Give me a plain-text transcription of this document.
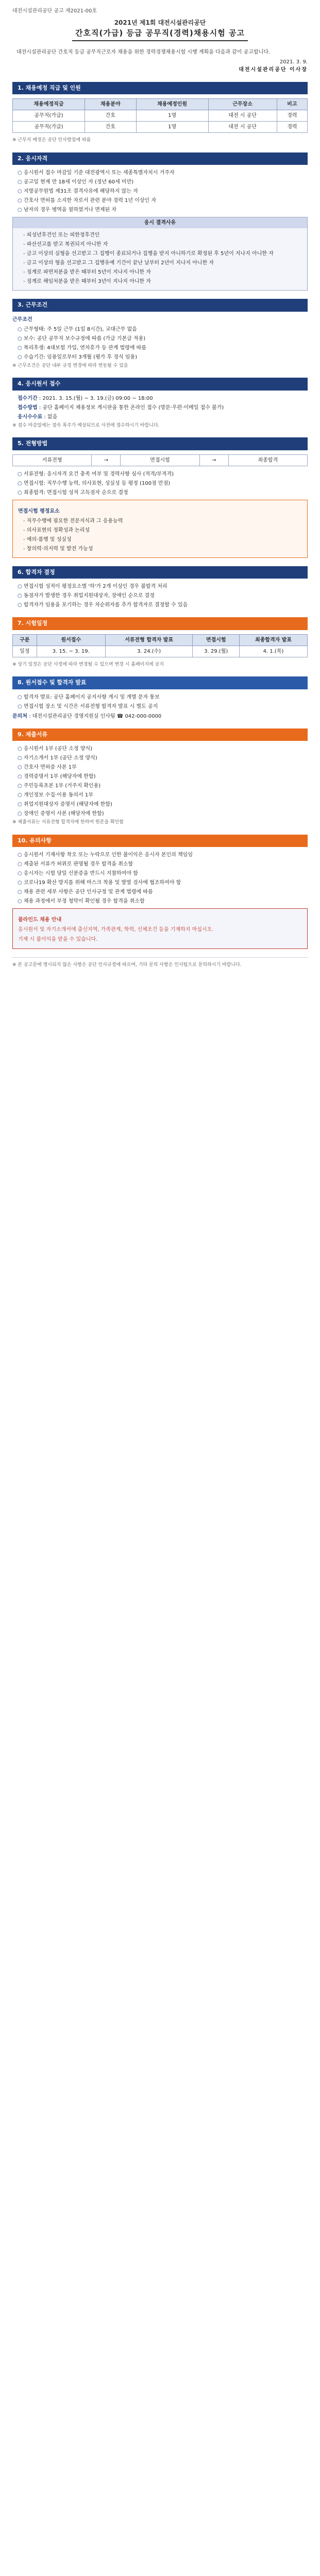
대전시설관리공단 공고 제2021-00호
2021년 제1회 대전시설관리공단
간호직(가급) 등급 공무직(경력)채용시험 공고
대전시설관리공단 간호직 등급 공무직근로자 채용을 위한 경력경쟁채용시험 시행 계획을 다음과 같이 공고합니다.
2021. 3. 9.
대전시설관리공단 이사장
1. 채용예정 직급 및 인원
채용예정직급	채용분야	채용예정인원	근무장소	비고
공무직(가급)	간호	1명	대전 시 공단	경력
공무직(가급)	간호	1명	대전 시 공단	경력
※ 근무지 배정은 공단 인사방침에 따름
2. 응시자격
○ 응시원서 접수 마감일 기준 대전광역시 또는 세종특별자치시 거주자
○ 공고일 현재 만 18세 이상인 자 (정년 60세 미만)
○ 지방공무원법 제31조 결격사유에 해당하지 않는 자
○ 간호사 면허를 소지한 자로서 관련 분야 경력 1년 이상인 자
○ 남자의 경우 병역을 필하였거나 면제된 자
응시 결격사유
- 피성년후견인 또는 피한정후견인
- 파산선고를 받고 복권되지 아니한 자
- 금고 이상의 실형을 선고받고 그 집행이 종료되거나 집행을 받지 아니하기로 확정된 후 5년이 지나지 아니한 자
- 금고 이상의 형을 선고받고 그 집행유예 기간이 끝난 날부터 2년이 지나지 아니한 자
- 징계로 파면처분을 받은 때부터 5년이 지나지 아니한 자
- 징계로 해임처분을 받은 때부터 3년이 지나지 아니한 자
3. 근무조건
근무조건
○ 근무형태: 주 5일 근무 (1일 8시간), 교대근무 없음
○ 보수: 공단 공무직 보수규정에 따름 (가급 기본급 적용)
○ 복리후생: 4대보험 가입, 연차휴가 등 관계 법령에 따름
○ 수습기간: 임용일로부터 3개월 (평가 후 정식 임용)
※ 근무조건은 공단 내부 규정 변경에 따라 변동될 수 있음
4. 응시원서 접수
접수기간 : 2021. 3. 15.(월) ~ 3. 19.(금) 09:00 ~ 18:00
접수방법 : 공단 홈페이지 채용정보 게시판을 통한 온라인 접수 (방문·우편·이메일 접수 불가)
응시수수료 : 없음
※ 접수 마감일에는 접속 폭주가 예상되므로 사전에 접수하시기 바랍니다.
5. 전형방법
서류전형	→	면접시험	→	최종합격
○ 서류전형: 응시자격 요건 충족 여부 및 경력사항 심사 (적격/부적격)
○ 면접시험: 직무수행 능력, 의사표현, 성실성 등 평정 (100점 만점)
○ 최종합격: 면접시험 성적 고득점자 순으로 결정
면접시험 평정요소
- 직무수행에 필요한 전문지식과 그 응용능력
- 의사표현의 정확성과 논리성
- 예의·품행 및 성실성
- 창의력·의지력 및 발전 가능성
6. 합격자 결정
○ 면접시험 성적이 평정요소별 '하'가 2개 이상인 경우 불합격 처리
○ 동점자가 발생한 경우 취업지원대상자, 장애인 순으로 결정
○ 합격자가 임용을 포기하는 경우 차순위자를 추가 합격자로 결정할 수 있음
7. 시험일정
구분	원서접수	서류전형 합격자 발표	면접시험	최종합격자 발표
일정	3. 15. ~ 3. 19.	3. 24.(수)	3. 29.(월)	4. 1.(목)
※ 상기 일정은 공단 사정에 따라 변경될 수 있으며 변경 시 홈페이지에 공지
8. 원서접수 및 합격자 발표
○ 합격자 발표: 공단 홈페이지 공지사항 게시 및 개별 문자 통보
○ 면접시험 장소 및 시간은 서류전형 합격자 발표 시 별도 공지
문의처 : 대전시설관리공단 경영지원실 인사팀 ☎ 042-000-0000
9. 제출서류
○ 응시원서 1부 (공단 소정 양식)
○ 자기소개서 1부 (공단 소정 양식)
○ 간호사 면허증 사본 1부
○ 경력증명서 1부 (해당자에 한함)
○ 주민등록초본 1부 (거주지 확인용)
○ 개인정보 수집·이용 동의서 1부
○ 취업지원대상자 증명서 (해당자에 한함)
○ 장애인 증명서 사본 (해당자에 한함)
※ 제출서류는 서류전형 합격자에 한하여 원본을 확인함
10. 유의사항
○ 응시원서 기재사항 착오 또는 누락으로 인한 불이익은 응시자 본인의 책임임
○ 제출된 서류가 허위로 판명될 경우 합격을 취소함
○ 응시자는 시험 당일 신분증을 반드시 지참하여야 함
○ 코로나19 확산 방지를 위해 마스크 착용 및 발열 검사에 협조하여야 함
○ 채용 관련 세부 사항은 공단 인사규정 및 관계 법령에 따름
○ 채용 과정에서 부정 청탁이 확인될 경우 합격을 취소함
블라인드 채용 안내
응시원서 및 자기소개서에 출신지역, 가족관계, 학력, 신체조건 등을 기재하지 마십시오.
기재 시 불이익을 받을 수 있습니다.
※ 본 공고문에 명시되지 않은 사항은 공단 인사규정에 따르며, 기타 문의 사항은 인사팀으로 문의하시기 바랍니다.
